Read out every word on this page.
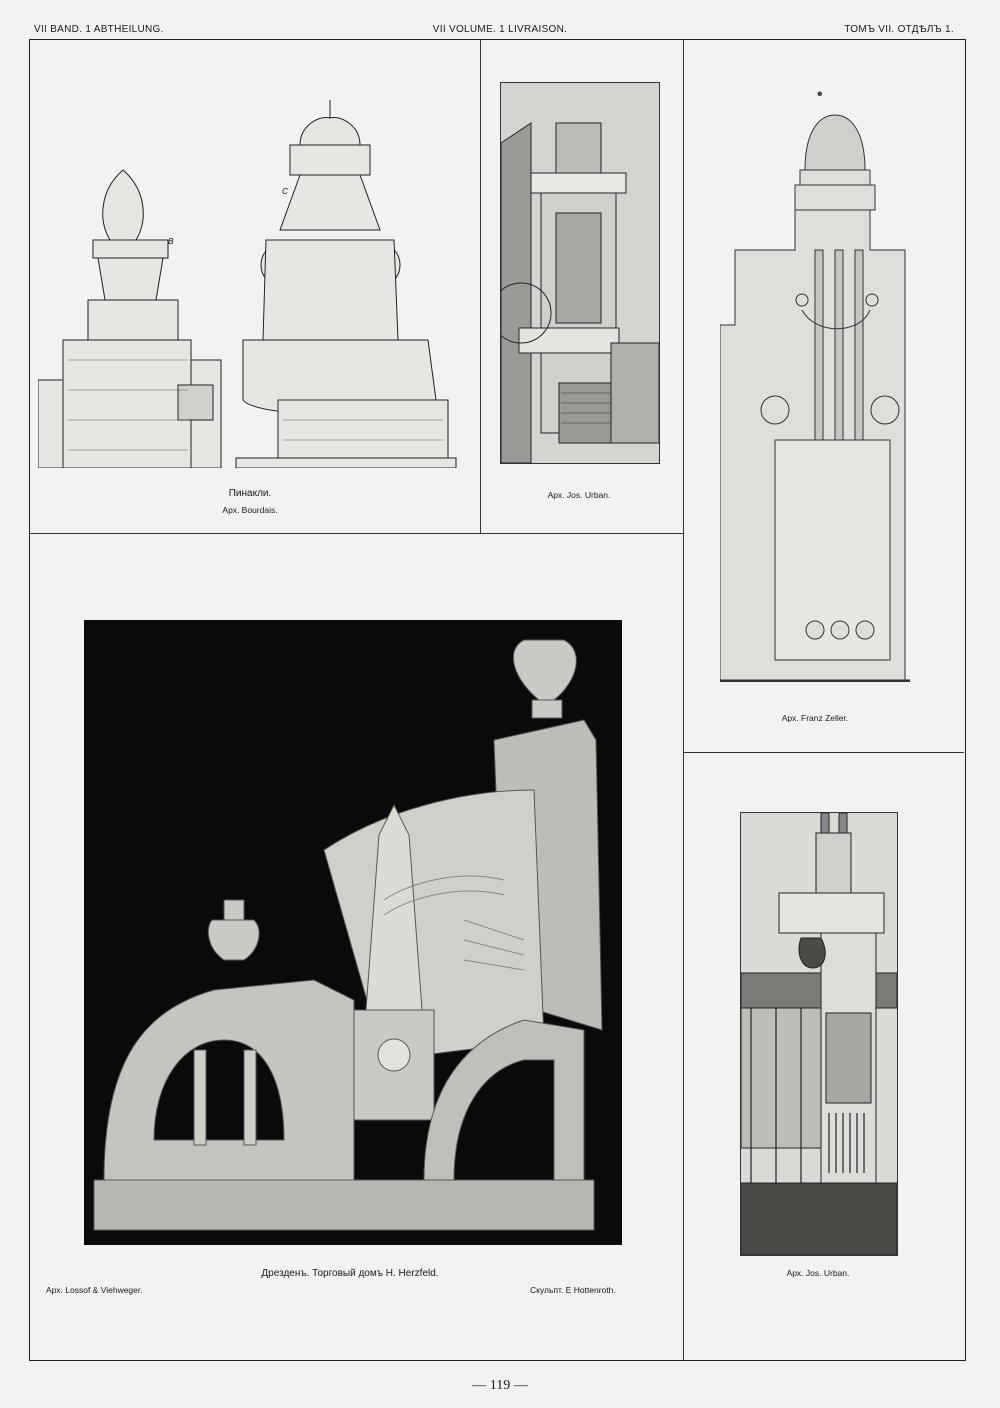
VII BAND. 1 ABTHEILUNG.	VII VOLUME. 1 LIVRAISON.	ТОМЪ VII. ОТДѢЛЪ 1.
B
C
Пинакли.
Арх. Bourdais.
Арх. Jos. Urban.
•
Арх. Franz Zeller.
Дрезденъ. Торговый домъ H. Herzfeld.
Арх. Lossof & Viehweger.	Скульпт. E Hottenroth.
Арх. Jos. Urban.
— 119 —
